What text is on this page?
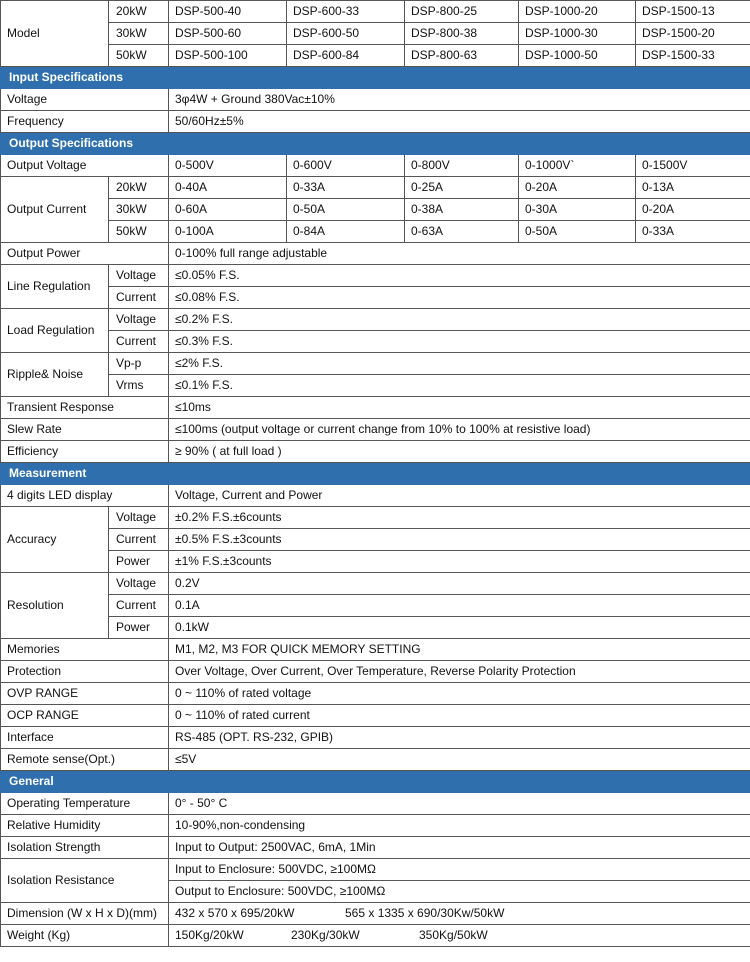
Model	20kW	DSP-500-40	DSP-600-33	DSP-800-25	DSP-1000-20	DSP-1500-13
	30kW	DSP-500-60	DSP-600-50	DSP-800-38	DSP-1000-30	DSP-1500-20
	50kW	DSP-500-100	DSP-600-84	DSP-800-63	DSP-1000-50	DSP-1500-33
Input Specifications						
Voltage		3φ4W + Ground 380Vac±10%				
Frequency		50/60Hz±5%				
Output Specifications						
Output Voltage		0-500V	0-600V	0-800V	0-1000V`	0-1500V
Output Current	20kW	0-40A	0-33A	0-25A	0-20A	0-13A
	30kW	0-60A	0-50A	0-38A	0-30A	0-20A
	50kW	0-100A	0-84A	0-63A	0-50A	0-33A
Output Power		0-100% full range adjustable				
Line Regulation	Voltage	≤0.05% F.S.				
	Current	≤0.08% F.S.				
Load Regulation	Voltage	≤0.2% F.S.				
	Current	≤0.3% F.S.				
Ripple& Noise	Vp-p	≤2% F.S.				
	Vrms	≤0.1% F.S.				
Transient Response		≤10ms				
Slew Rate		≤100ms (output voltage or current change from 10% to 100% at resistive load)				
Efficiency		≥ 90% ( at full load )				
Measurement						
4 digits LED display		Voltage, Current and Power				
Accuracy	Voltage	±0.2% F.S.±6counts				
	Current	±0.5% F.S.±3counts				
	Power	±1% F.S.±3counts				
Resolution	Voltage	0.2V				
	Current	0.1A				
	Power	0.1kW				
Memories		M1, M2, M3 FOR QUICK MEMORY SETTING				
Protection		Over Voltage, Over Current, Over Temperature, Reverse Polarity Protection				
OVP RANGE		0 ~ 110% of rated voltage				
OCP RANGE		0 ~ 110% of rated current				
Interface		RS-485 (OPT. RS-232, GPIB)				
Remote sense(Opt.)		≤5V				
General						
Operating Temperature		0° - 50° C				
Relative Humidity		10-90%,non-condensing				
Isolation Strength		Input to Output: 2500VAC, 6mA, 1Min				
Isolation Resistance		Input to Enclosure: 500VDC, ≥100MΩ				
		Output to Enclosure: 500VDC, ≥100MΩ				
Dimension (W x H x D)(mm)		432 x 570 x 695/20kW 565 x 1335 x 690/30Kw/50kW				
Weight (Kg)		150Kg/20kW 230Kg/30kW 350Kg/50kW				
